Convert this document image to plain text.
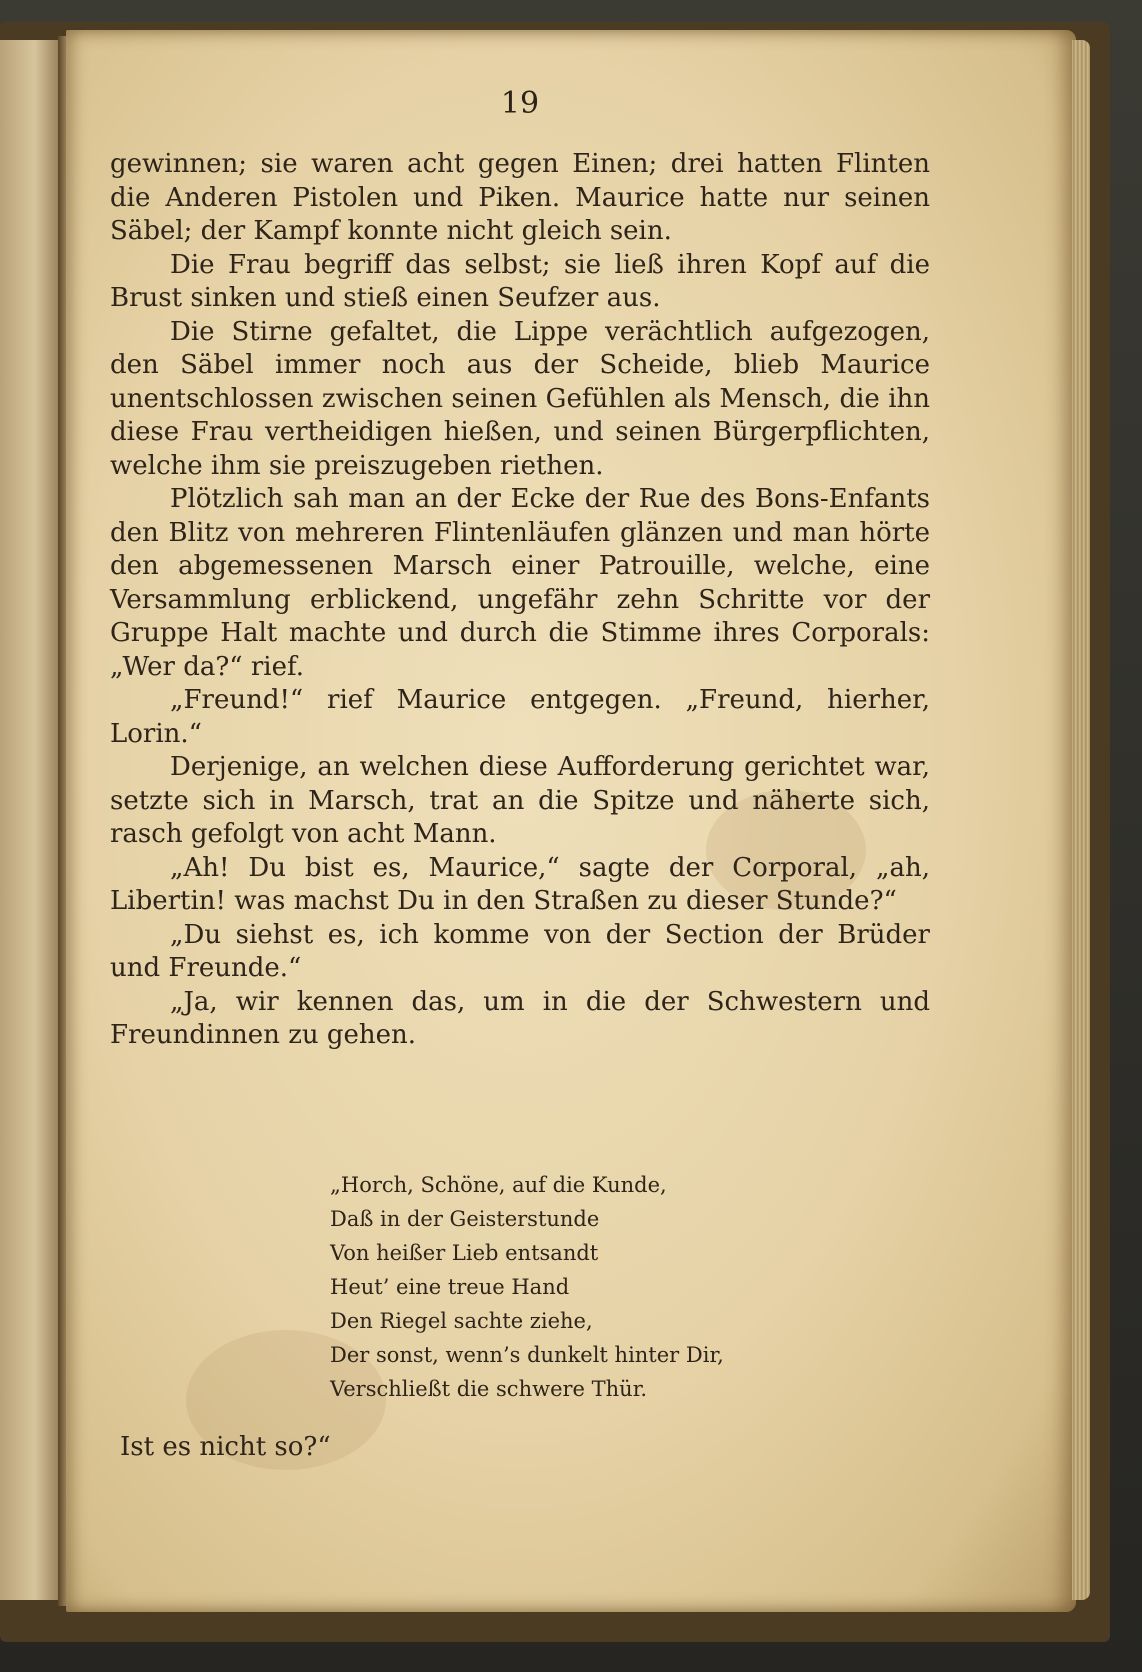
19

gewinnen; sie waren acht gegen Einen; drei hatten Flinten die Anderen Pistolen und Piken. Maurice hatte nur seinen Säbel; der Kampf konnte nicht gleich sein.

Die Frau begriff das selbst; sie ließ ihren Kopf auf die Brust sinken und stieß einen Seufzer aus.

Die Stirne gefaltet, die Lippe verächtlich aufgezogen, den Säbel immer noch aus der Scheide, blieb Maurice unentschlossen zwischen seinen Gefühlen als Mensch, die ihn diese Frau vertheidigen hießen, und seinen Bürgerpflichten, welche ihm sie preiszugeben riethen.

Plötzlich sah man an der Ecke der Rue des Bons-Enfants den Blitz von mehreren Flintenläufen glänzen und man hörte den abgemessenen Marsch einer Patrouille, welche, eine Versammlung erblickend, ungefähr zehn Schritte vor der Gruppe Halt machte und durch die Stimme ihres Corporals: „Wer da?“ rief.

„Freund!“ rief Maurice entgegen. „Freund, hierher, Lorin.“

Derjenige, an welchen diese Aufforderung gerichtet war, setzte sich in Marsch, trat an die Spitze und näherte sich, rasch gefolgt von acht Mann.

„Ah! Du bist es, Maurice,“ sagte der Corporal, „ah, Libertin! was machst Du in den Straßen zu dieser Stunde?“

„Du siehst es, ich komme von der Section der Brüder und Freunde.“

„Ja, wir kennen das, um in die der Schwestern und Freundinnen zu gehen.

„Horch, Schöne, auf die Kunde,
Daß in der Geisterstunde
Von heißer Lieb entsandt
Heut’ eine treue Hand
Den Riegel sachte ziehe,
Der sonst, wenn’s dunkelt hinter Dir,
Verschließt die schwere Thür.
Ist es nicht so?“
